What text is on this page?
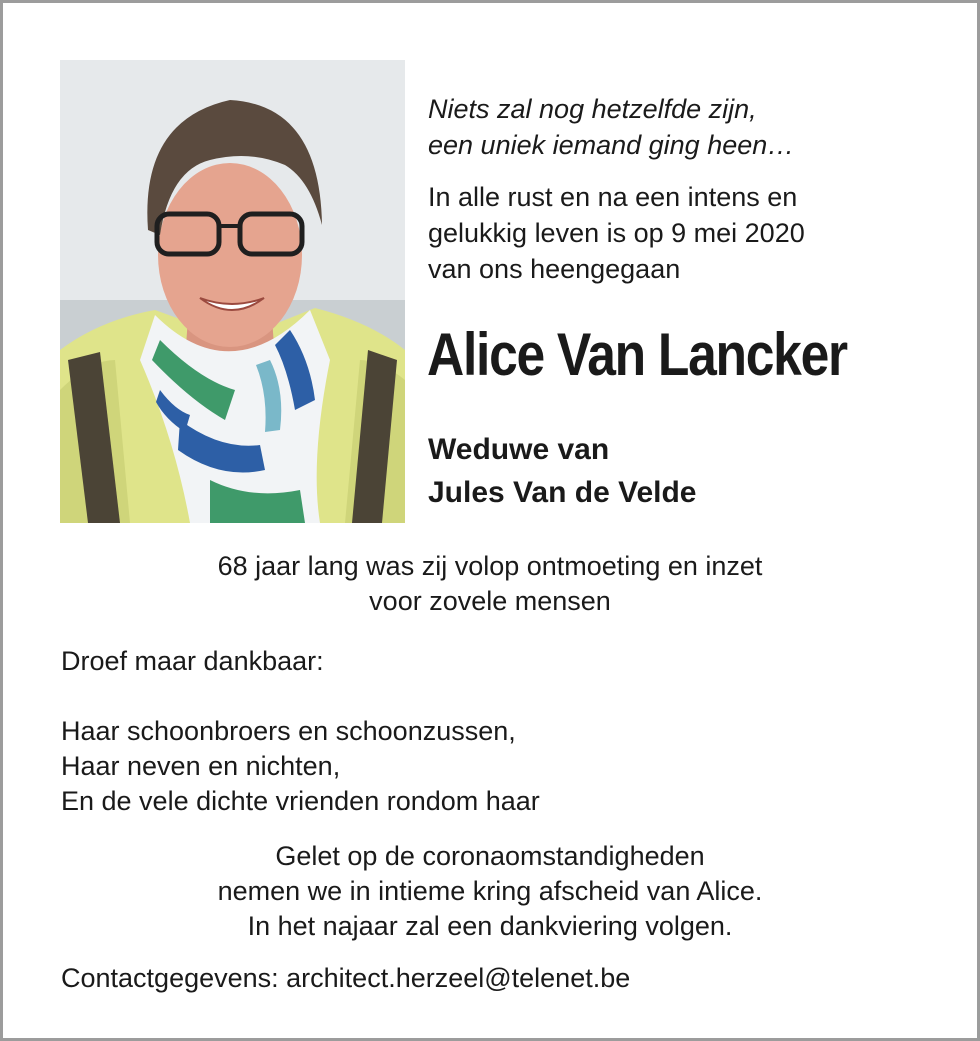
Niets zal nog hetzelfde zijn,
een uniek iemand ging heen…

In alle rust en na een intens en
gelukkig leven is op 9 mei 2020
van ons heengegaan

Alice Van Lancker

Weduwe van
Jules Van de Velde

68 jaar lang was zij volop ontmoeting en inzet
voor zovele mensen

Droef maar dankbaar:

Haar schoonbroers en schoonzussen,
Haar neven en nichten,
En de vele dichte vrienden rondom haar

Gelet op de coronaomstandigheden
nemen we in intieme kring afscheid van Alice.
In het najaar zal een dankviering volgen.

Contactgegevens: architect.herzeel@telenet.be
